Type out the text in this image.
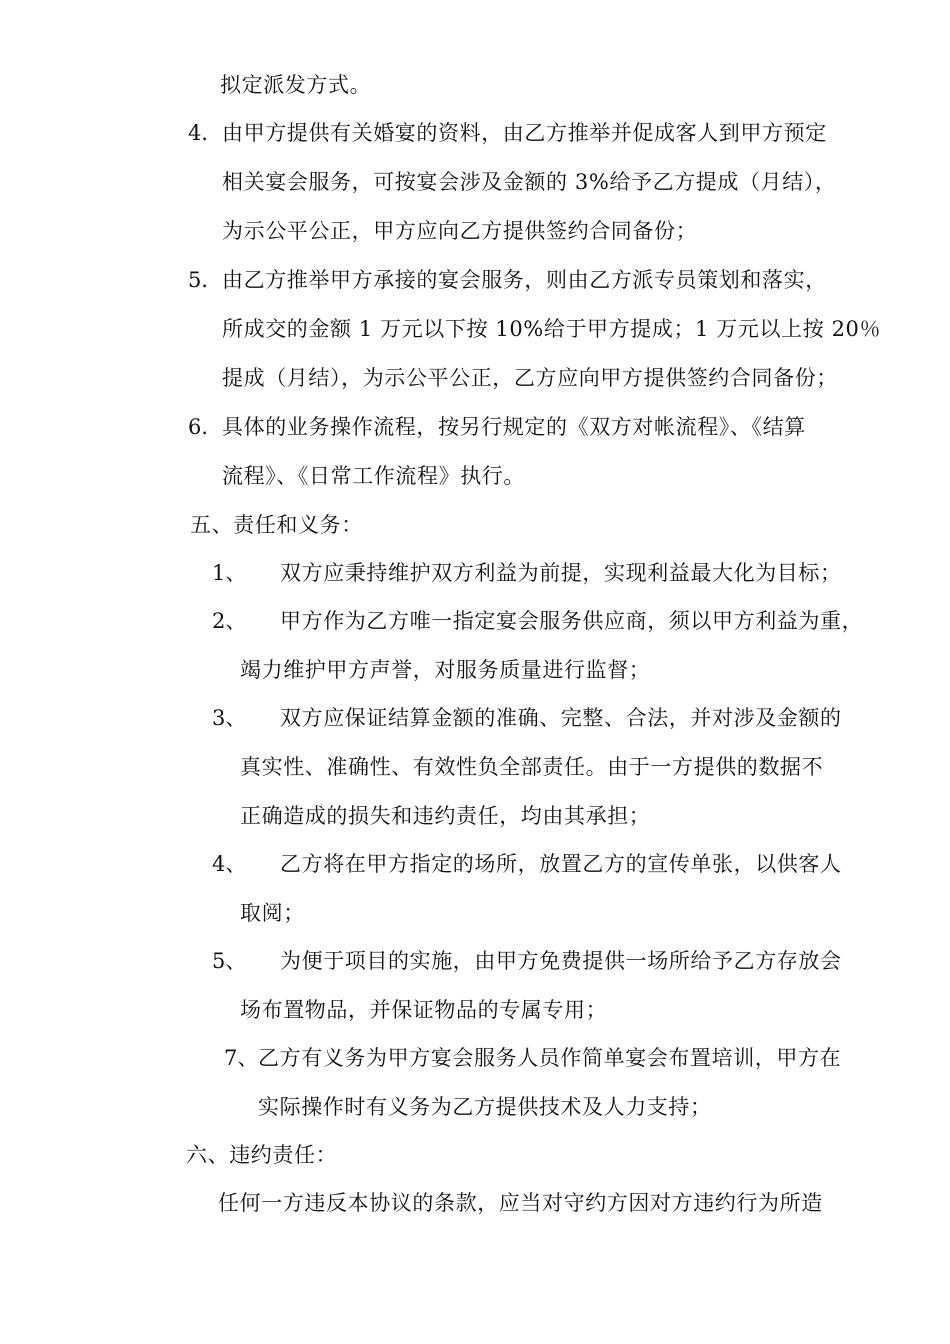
拟定派发方式。
4． 由甲方提供有关婚宴的资料，由乙方推举并促成客人到甲方预定
相关宴会服务，可按宴会涉及金额的 3%给予乙方提成（月结），
为示公平公正，甲方应向乙方提供签约合同备份；
5． 由乙方推举甲方承接的宴会服务，则由乙方派专员策划和落实，
所成交的金额 1 万元以下按 10%给于甲方提成；1 万元以上按 20％
提成（月结），为示公平公正，乙方应向甲方提供签约合同备份；
6． 具体的业务操作流程，按另行规定的《双方对帐流程》、《结算
流程》、《日常工作流程》执行。
五、责任和义务：
1、 双方应秉持维护双方利益为前提，实现利益最大化为目标；
2、 甲方作为乙方唯一指定宴会服务供应商，须以甲方利益为重，
竭力维护甲方声誉，对服务质量进行监督；
3、 双方应保证结算金额的准确、完整、合法，并对涉及金额的
真实性、准确性、有效性负全部责任。由于一方提供的数据不
正确造成的损失和违约责任，均由其承担；
4、 乙方将在甲方指定的场所，放置乙方的宣传单张，以供客人
取阅；
5、 为便于项目的实施，由甲方免费提供一场所给予乙方存放会
场布置物品，并保证物品的专属专用；
7、 乙方有义务为甲方宴会服务人员作简单宴会布置培训，甲方在
实际操作时有义务为乙方提供技术及人力支持；
六、违约责任：
任何一方违反本协议的条款，应当对守约方因对方违约行为所造
